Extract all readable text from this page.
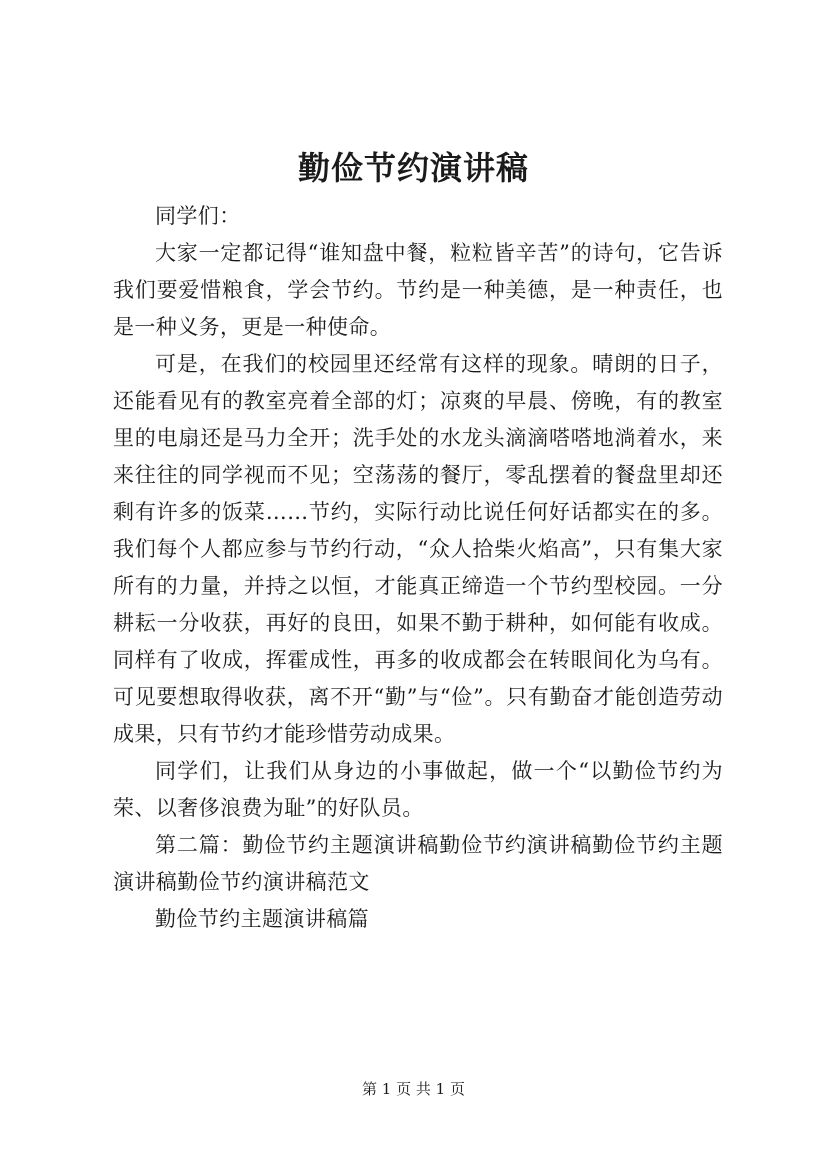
勤俭节约演讲稿

同学们：

大家一定都记得“谁知盘中餐，粒粒皆辛苦”的诗句，它告诉我们要爱惜粮食，学会节约。节约是一种美德，是一种责任，也是一种义务，更是一种使命。

可是，在我们的校园里还经常有这样的现象。晴朗的日子，还能看见有的教室亮着全部的灯；凉爽的早晨、傍晚，有的教室里的电扇还是马力全开；洗手处的水龙头滴滴嗒嗒地淌着水，来来往往的同学视而不见；空荡荡的餐厅，零乱摆着的餐盘里却还剩有许多的饭菜……节约，实际行动比说任何好话都实在的多。我们每个人都应参与节约行动，“众人拾柴火焰高”，只有集大家所有的力量，并持之以恒，才能真正缔造一个节约型校园。一分耕耘一分收获，再好的良田，如果不勤于耕种，如何能有收成。同样有了收成，挥霍成性，再多的收成都会在转眼间化为乌有。可见要想取得收获，离不开“勤”与“俭”。只有勤奋才能创造劳动成果，只有节约才能珍惜劳动成果。

同学们，让我们从身边的小事做起，做一个“以勤俭节约为荣、以奢侈浪费为耻”的好队员。

第二篇：勤俭节约主题演讲稿勤俭节约演讲稿勤俭节约主题演讲稿勤俭节约演讲稿范文

勤俭节约主题演讲稿篇

第 1 页 共 1 页
